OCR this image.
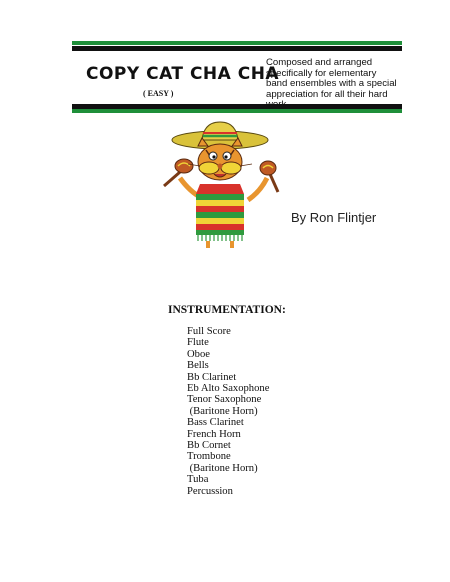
COPY CAT CHA CHA
( EASY )
Composed and arranged specifically for elementary band ensembles with a special appreciation for all their hard
By Ron Flintjer
INSTRUMENTATION:
Full Score
Flute
Oboe
Bells
Bb Clarinet
Eb Alto Saxophone
Tenor Saxophone
(Baritone Horn)
Bass Clarinet
French Horn
Bb Cornet
Trombone
(Baritone Horn)
Tuba
Percussion
